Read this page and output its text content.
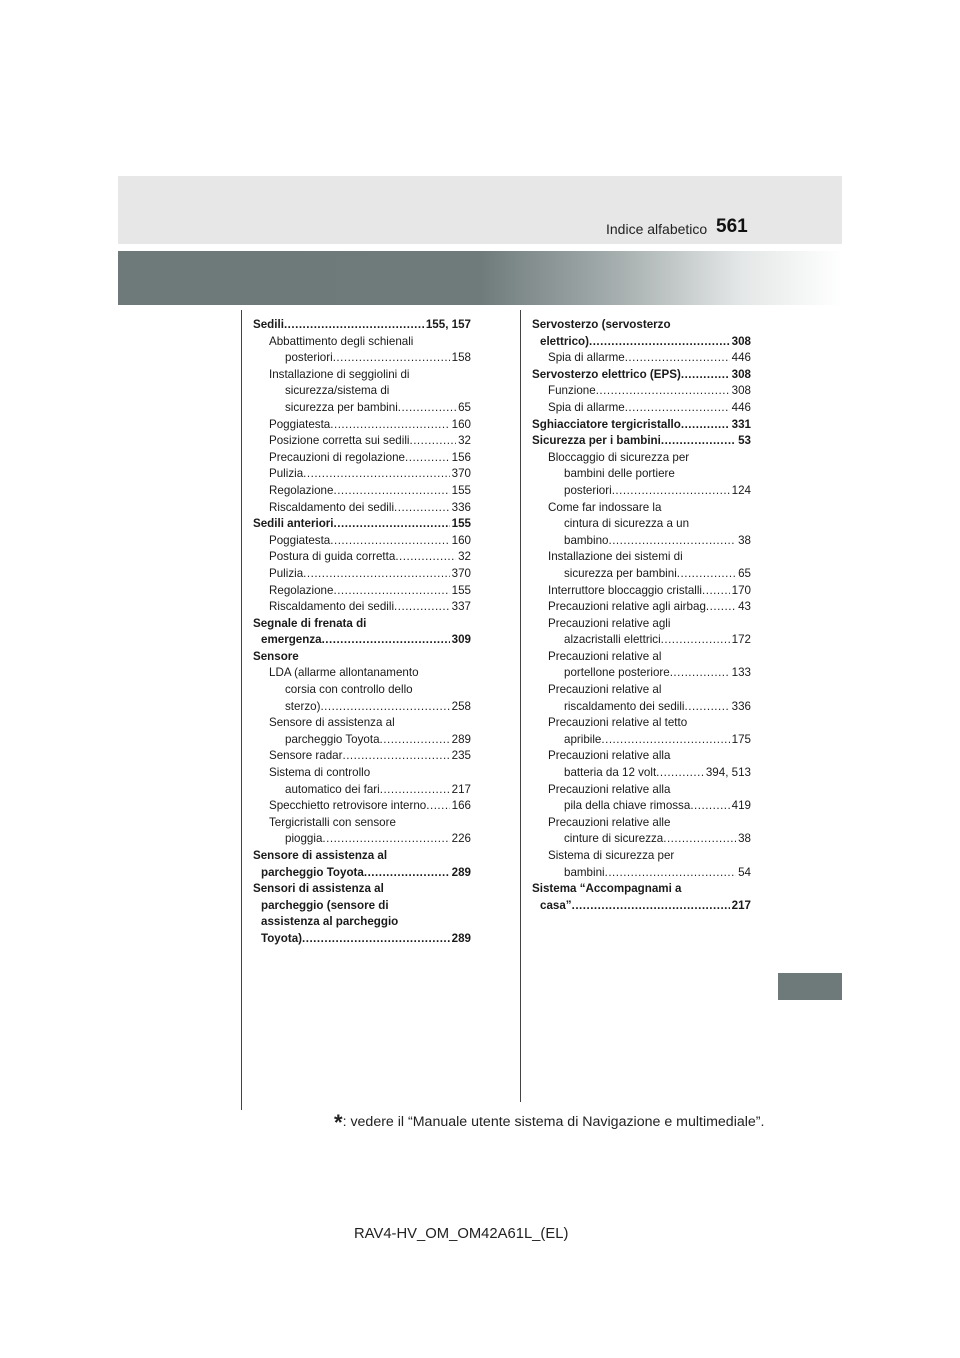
Indice alfabetico 561
Sedili .....	155, 157
Abbattimento degli schienali
posteriori .....	158
Installazione di seggiolini di
sicurezza/sistema di
sicurezza per bambini .....	65
Poggiatesta .....	160
Posizione corretta sui sedili .....	32
Precauzioni di regolazione .....	156
Pulizia .....	370
Regolazione .....	155
Riscaldamento dei sedili .....	336
Sedili anteriori .....	155
Poggiatesta .....	160
Postura di guida corretta .....	32
Pulizia .....	370
Regolazione .....	155
Riscaldamento dei sedili .....	337
Segnale di frenata di
emergenza .....	309
Sensore
LDA (allarme allontanamento
corsia con controllo dello
sterzo) .....	258
Sensore di assistenza al
parcheggio Toyota .....	289
Sensore radar .....	235
Sistema di controllo
automatico dei fari .....	217
Specchietto retrovisore interno ..... 166
Tergicristalli con sensore
pioggia .....	226
Sensore di assistenza al
parcheggio Toyota .....	289
Sensori di assistenza al
parcheggio (sensore di
assistenza al parcheggio
Toyota) .....	289
Servosterzo (servosterzo
elettrico) .....	308
Spia di allarme .....	446
Servosterzo elettrico (EPS) .....	308
Funzione .....	308
Spia di allarme .....	446
Sghiacciatore tergicristallo .....	331
Sicurezza per i bambini .....	53
Bloccaggio di sicurezza per
bambini delle portiere
posteriori .....	124
Come far indossare la
cintura di sicurezza a un
bambino .....	38
Installazione dei sistemi di
sicurezza per bambini .....	65
Interruttore bloccaggio cristalli .....	170
Precauzioni relative agli airbag .....	43
Precauzioni relative agli
alzacristalli elettrici .....	172
Precauzioni relative al
portellone posteriore .....	133
Precauzioni relative al
riscaldamento dei sedili .....	336
Precauzioni relative al tetto
apribile .....	175
Precauzioni relative alla
batteria da 12 volt .....	394, 513
Precauzioni relative alla
pila della chiave rimossa .....	419
Precauzioni relative alle
cinture di sicurezza .....	38
Sistema di sicurezza per
bambini .....	54
Sistema “Accompagnami a
casa” .....	217
*: vedere il “Manuale utente sistema di Navigazione e multimediale”.
RAV4-HV_OM_OM42A61L_(EL)
